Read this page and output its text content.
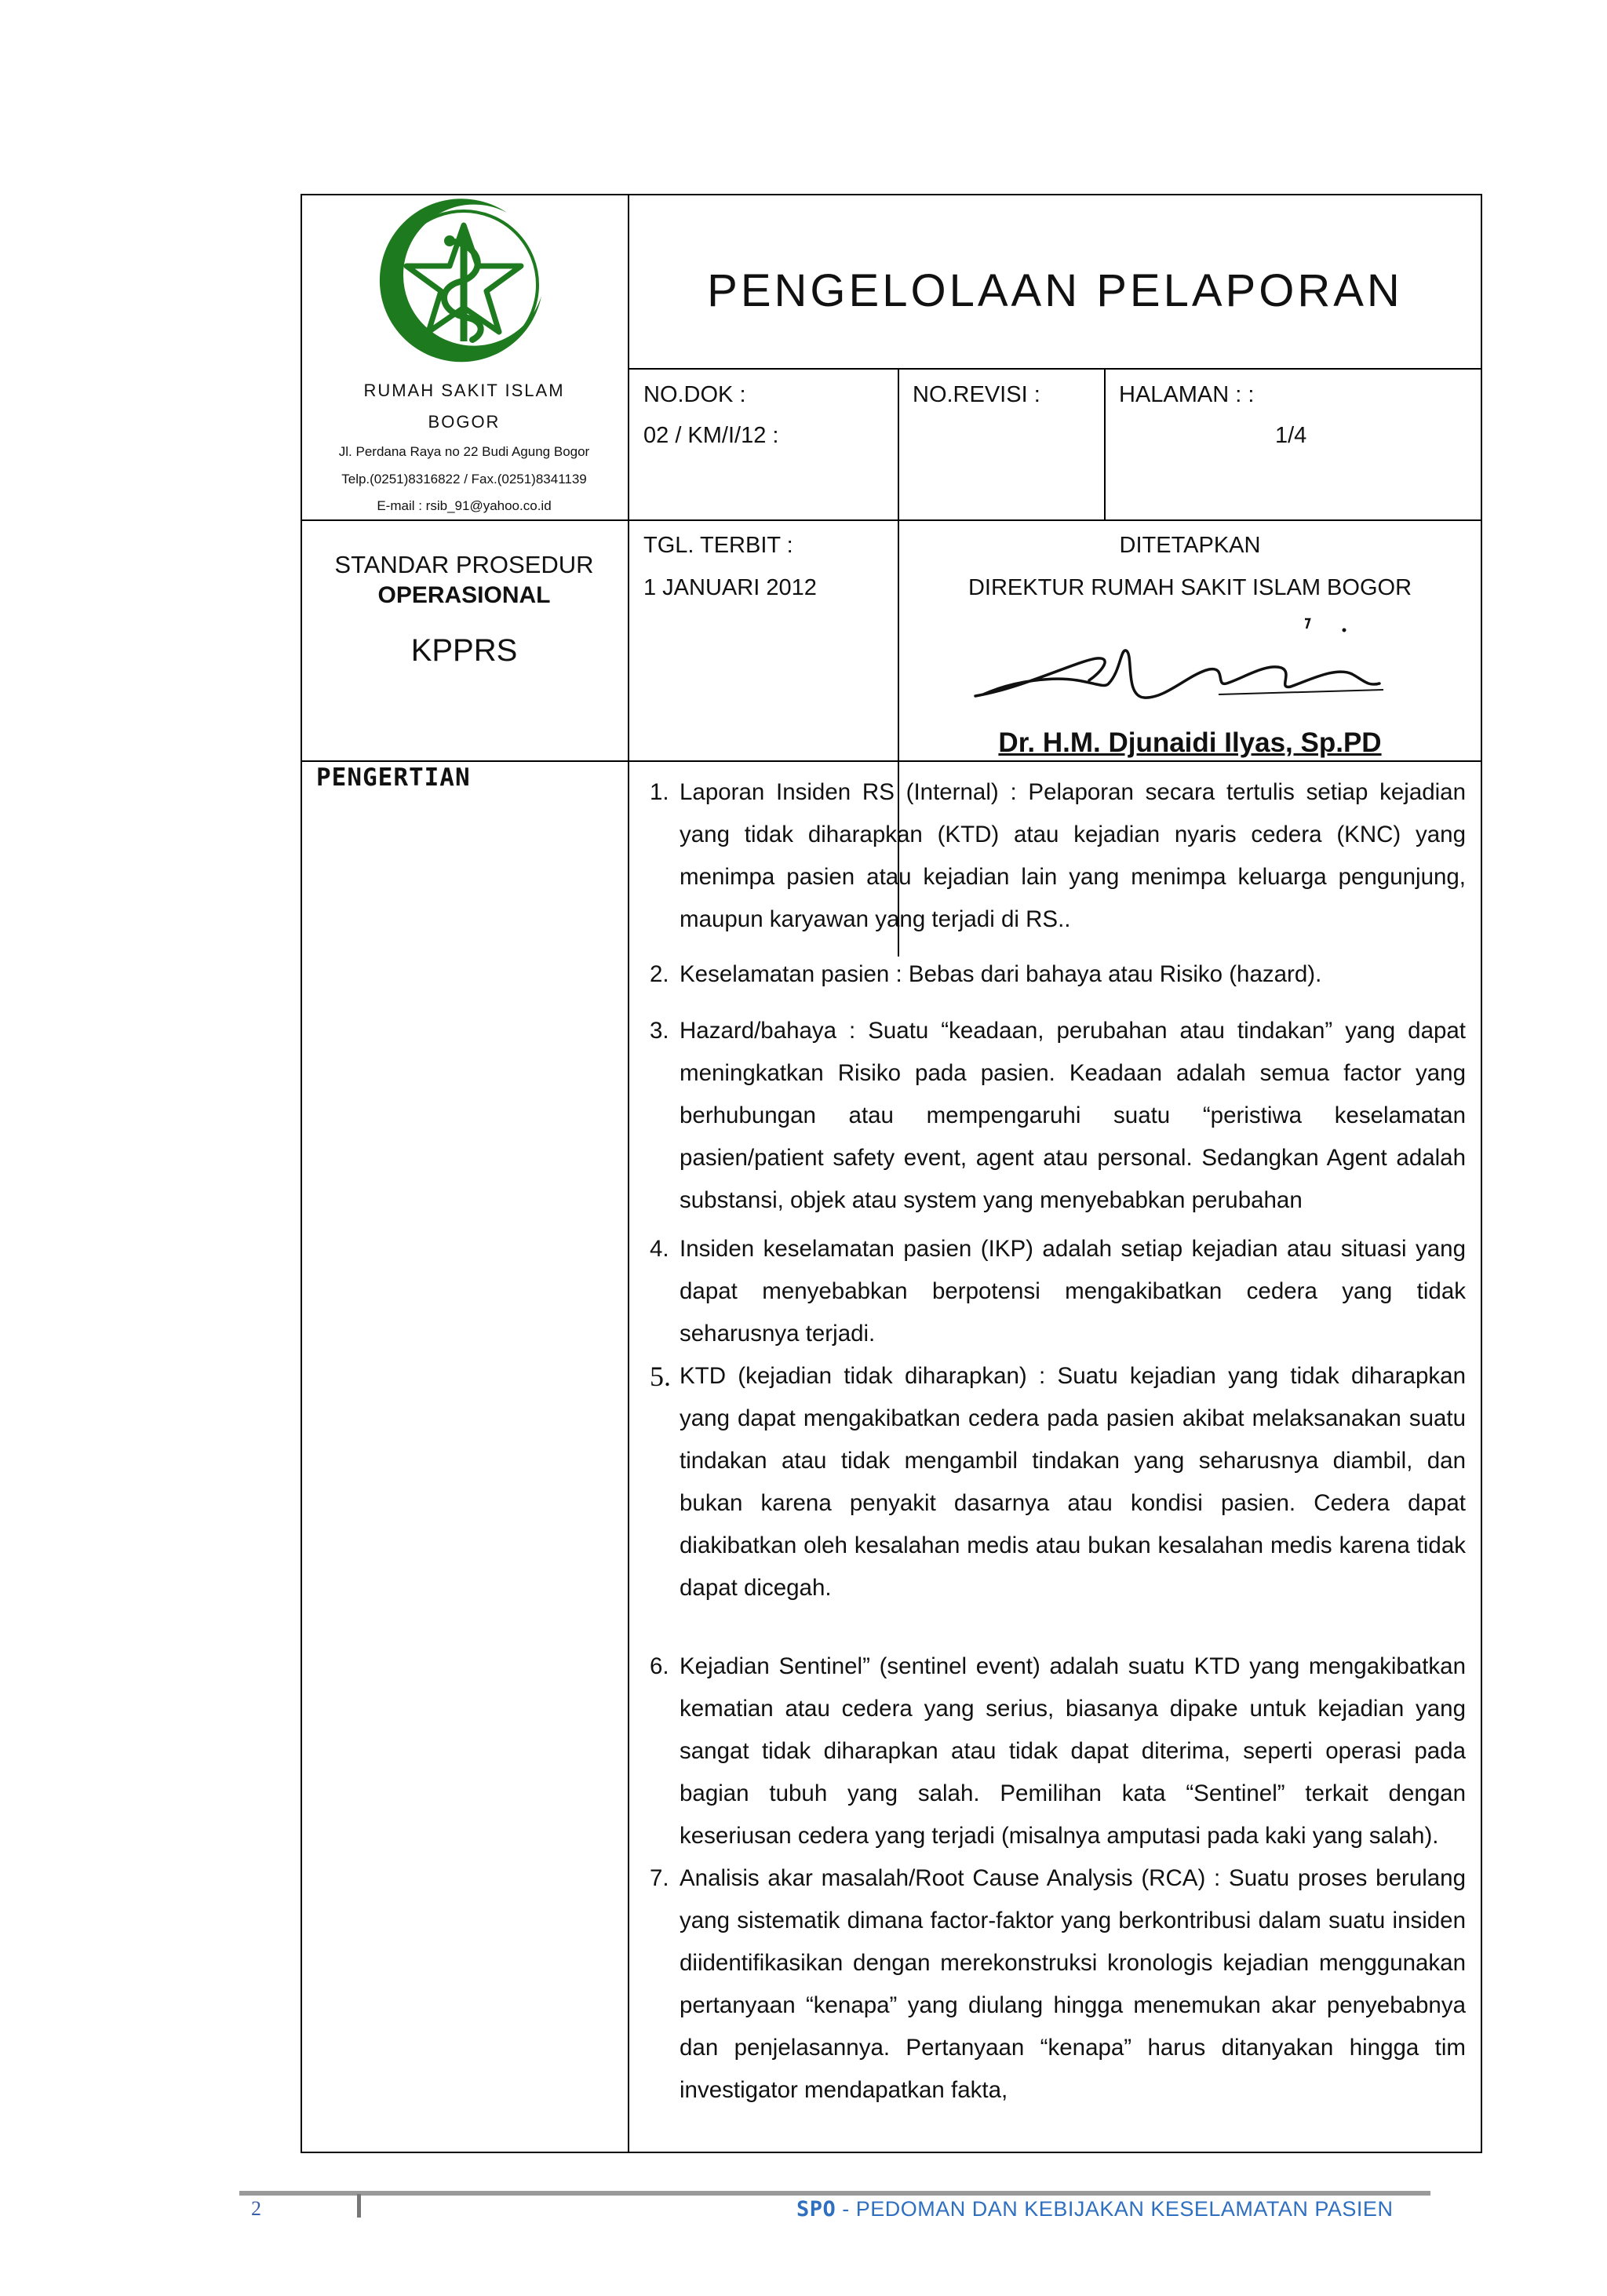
RUMAH SAKIT ISLAM
BOGOR
Jl. Perdana Raya no 22 Budi Agung Bogor
Telp.(0251)8316822 / Fax.(0251)8341139
E-mail : rsib_91@yahoo.co.id
PENGELOLAAN PELAPORAN
NO.DOK :
02 / KM/I/12 :
NO.REVISI :	HALAMAN : :
1/4
STANDAR PROSEDUR
OPERASIONAL
KPPRS
TGL. TERBIT :
1 JANUARI 2012
DITETAPKAN
DIREKTUR RUMAH SAKIT ISLAM BOGOR
Dr. H.M. Djunaidi Ilyas, Sp.PD
PENGERTIAN
1. Laporan Insiden RS (Internal) : Pelaporan secara tertulis setiap kejadian yang tidak diharapkan (KTD) atau kejadian nyaris cedera (KNC) yang menimpa pasien atau kejadian lain yang menimpa keluarga pengunjung, maupun karyawan yang terjadi di RS..

2. Keselamatan pasien : Bebas dari bahaya atau Risiko (hazard).

3. Hazard/bahaya : Suatu “keadaan, perubahan atau tindakan” yang dapat meningkatkan Risiko pada pasien. Keadaan adalah semua factor yang berhubungan atau mempengaruhi suatu “peristiwa keselamatan pasien/patient safety event, agent atau personal. Sedangkan Agent adalah substansi, objek atau system yang menyebabkan perubahan

4. Insiden keselamatan pasien (IKP) adalah setiap kejadian atau situasi yang dapat menyebabkan berpotensi mengakibatkan cedera yang tidak seharusnya terjadi.

5. KTD (kejadian tidak diharapkan) : Suatu kejadian yang tidak diharapkan yang dapat mengakibatkan cedera pada pasien akibat melaksanakan suatu tindakan atau tidak mengambil tindakan yang seharusnya diambil, dan bukan karena penyakit dasarnya atau kondisi pasien. Cedera dapat diakibatkan oleh kesalahan medis atau bukan kesalahan medis karena tidak dapat dicegah.

6. Kejadian Sentinel” (sentinel event) adalah suatu KTD yang mengakibatkan kematian atau cedera yang serius, biasanya dipake untuk kejadian yang sangat tidak diharapkan atau tidak dapat diterima, seperti operasi pada bagian tubuh yang salah. Pemilihan kata “Sentinel” terkait dengan keseriusan cedera yang terjadi (misalnya amputasi pada kaki yang salah).

7. Analisis akar masalah/Root Cause Analysis (RCA) : Suatu proses berulang yang sistematik dimana factor-faktor yang berkontribusi dalam suatu insiden diidentifikasikan dengan merekonstruksi kronologis kejadian menggunakan pertanyaan “kenapa” yang diulang hingga menemukan akar penyebabnya dan penjelasannya. Pertanyaan “kenapa” harus ditanyakan hingga tim investigator mendapatkan fakta,

2	SPO - PEDOMAN DAN KEBIJAKAN KESELAMATAN PASIEN
